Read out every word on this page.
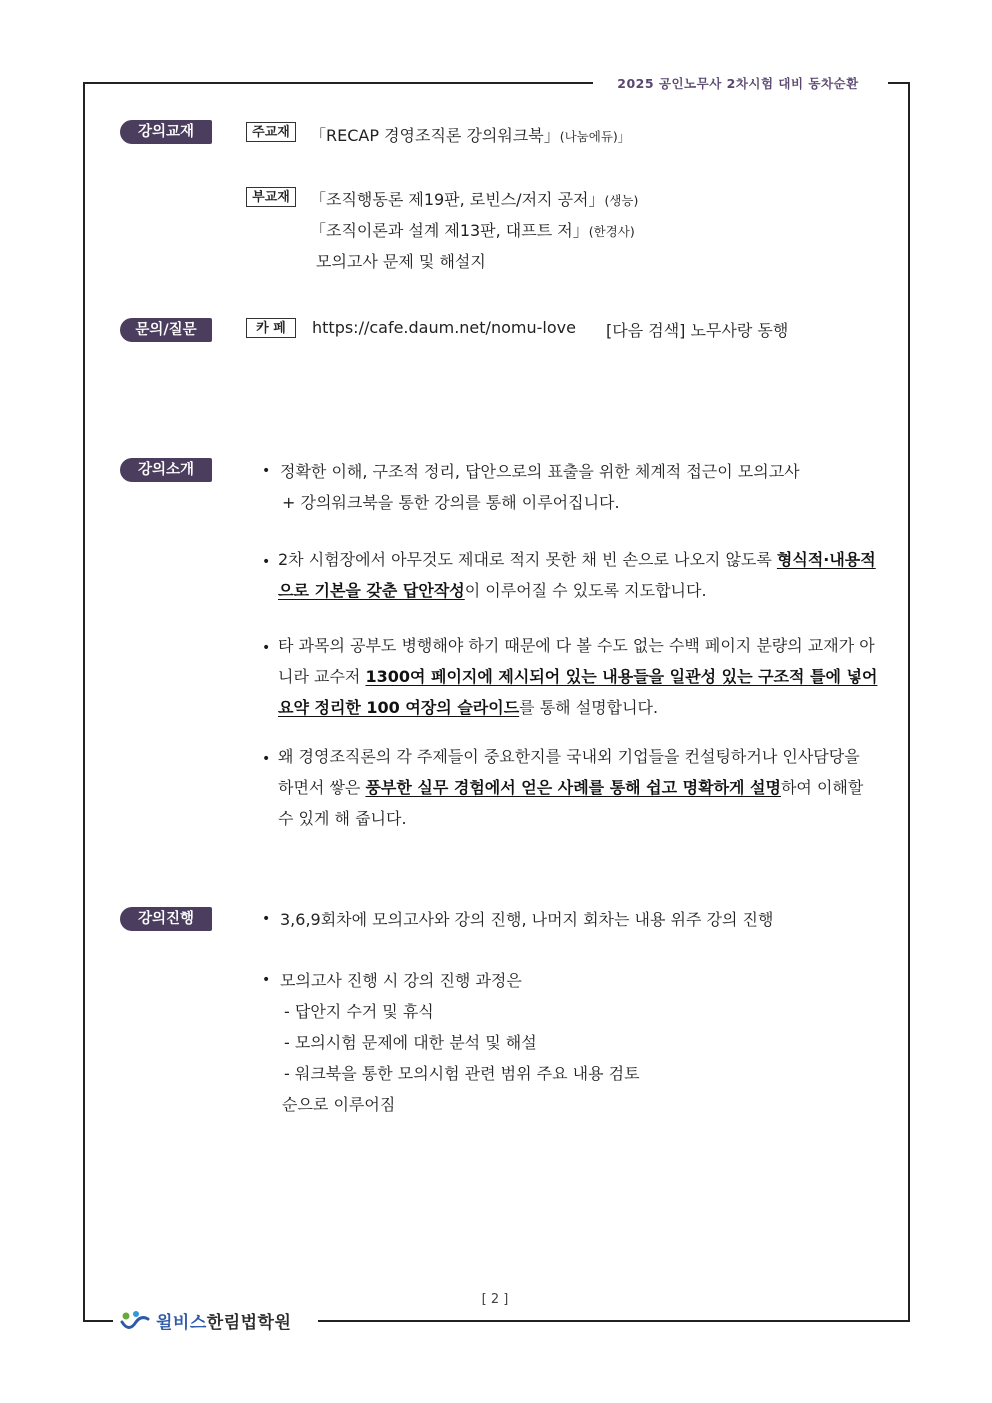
2025 공인노무사 2차시험 대비 동차순환
강의교재	주교재	「RECAP 경영조직론 강의워크북」(나눔에듀)」
부교재	「조직행동론 제19판, 로빈스/저지 공저」(생능)
「조직이론과 설계 제13판, 대프트 저」(한경사)
모의고사 문제 및 해설지
문의/질문	카 페	https://cafe.daum.net/nomu-love [다음 검색] 노무사랑 동행
강의소개	• 정확한 이해, 구조적 정리, 답안으로의 표출을 위한 체계적 접근이 모의고사
+ 강의워크북을 통한 강의를 통해 이루어집니다.
• 2차 시험장에서 아무것도 제대로 적지 못한 채 빈 손으로 나오지 않도록 형식적·내용적으로 기본을 갖춘 답안작성이 이루어질 수 있도록 지도합니다.
• 타 과목의 공부도 병행해야 하기 때문에 다 볼 수도 없는 수백 페이지 분량의 교재가 아니라 교수저 1300여 페이지에 제시되어 있는 내용들을 일관성 있는 구조적 틀에 넣어 요약 정리한 100 여장의 슬라이드를 통해 설명합니다.
• 왜 경영조직론의 각 주제들이 중요한지를 국내외 기업들을 컨설팅하거나 인사담당을 하면서 쌓은 풍부한 실무 경험에서 얻은 사례를 통해 쉽고 명확하게 설명하여 이해할 수 있게 해 줍니다.
강의진행	• 3,6,9회차에 모의고사와 강의 진행, 나머지 회차는 내용 위주 강의 진행
• 모의고사 진행 시 강의 진행 과정은
- 답안지 수거 및 휴식
- 모의시험 문제에 대한 분석 및 해설
- 워크북을 통한 모의시험 관련 범위 주요 내용 검토
순으로 이루어짐
[ 2 ]
윌비스한림법학원
